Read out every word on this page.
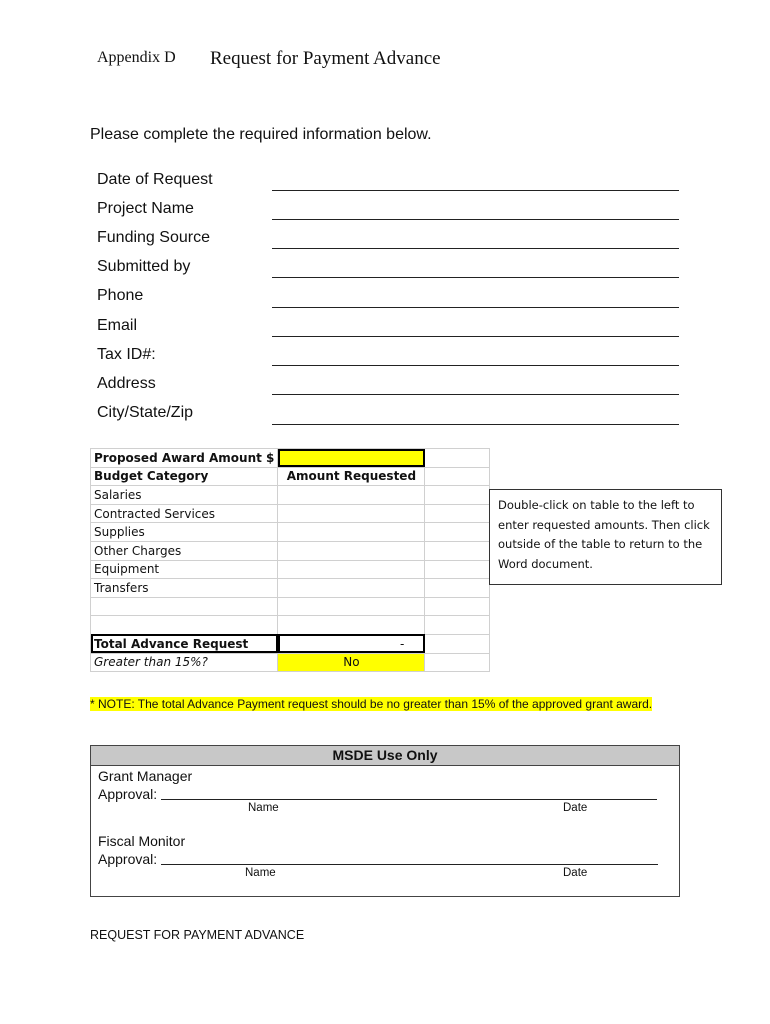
Appendix D Request for Payment Advance
Please complete the required information below.
Date of Request
Project Name
Funding Source
Submitted by
Phone
Email
Tax ID#:
Address
City/State/Zip
Proposed Award Amount $		
Budget Category	Amount Requested	
Salaries		
Contracted Services		
Supplies		
Other Charges		
Equipment		
Transfers		

Total Advance Request	-	
Greater than 15%?	No	
Double-click on table to the left to enter requested amounts. Then click outside of the table to return to the Word document.
* NOTE: The total Advance Payment request should be no greater than 15% of the approved grant award.
MSDE Use Only
Grant Manager
Approval:
Name	Date
Fiscal Monitor
Approval:
Name	Date
REQUEST FOR PAYMENT ADVANCE
